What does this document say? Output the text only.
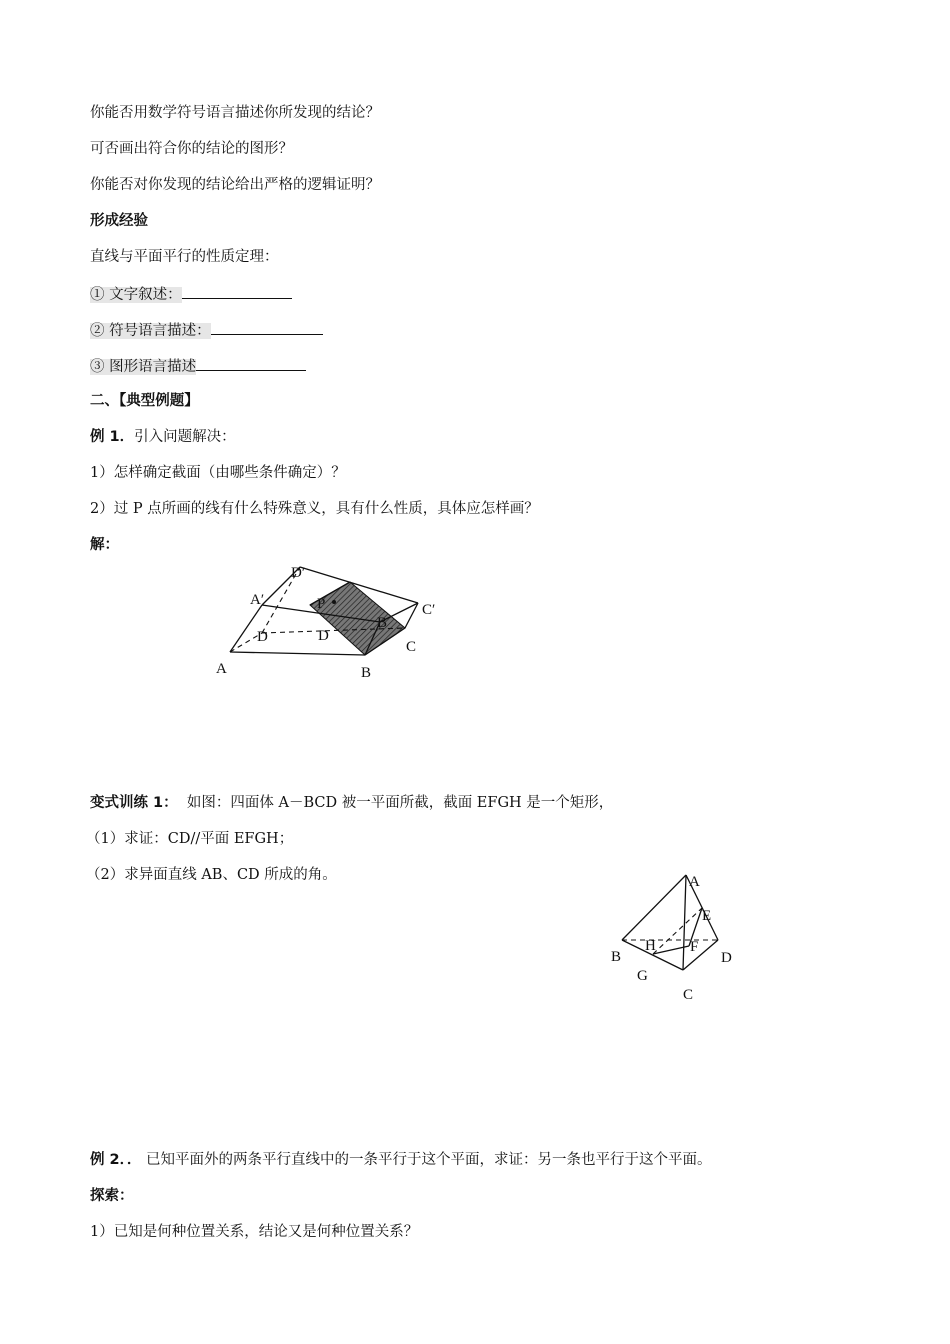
你能否用数学符号语言描述你所发现的结论？
可否画出符合你的结论的图形？
你能否对你发现的结论给出严格的逻辑证明？
形成经验
直线与平面平行的性质定理：
① 文字叙述：
② 符号语言描述：
③ 图形语言描述
二、【典型例题】
例 1．引入问题解决：
1）怎样确定截面（由哪些条件确定）？
2）过 P 点所画的线有什么特殊意义，具有什么性质，具体应怎样画？
解：
D′
A′	P	C′
B
D	D
C
A	B
变式训练 1： 如图：四面体 A－BCD 被一平面所截，截面 EFGH 是一个矩形，
（1）求证：CD//平面 EFGH；
（2）求异面直线 AB、CD 所成的角。	A
E
B
H F
D
G
C
例 2．． 已知平面外的两条平行直线中的一条平行于这个平面，求证：另一条也平行于这个平面。
探索：
1）已知是何种位置关系，结论又是何种位置关系？
